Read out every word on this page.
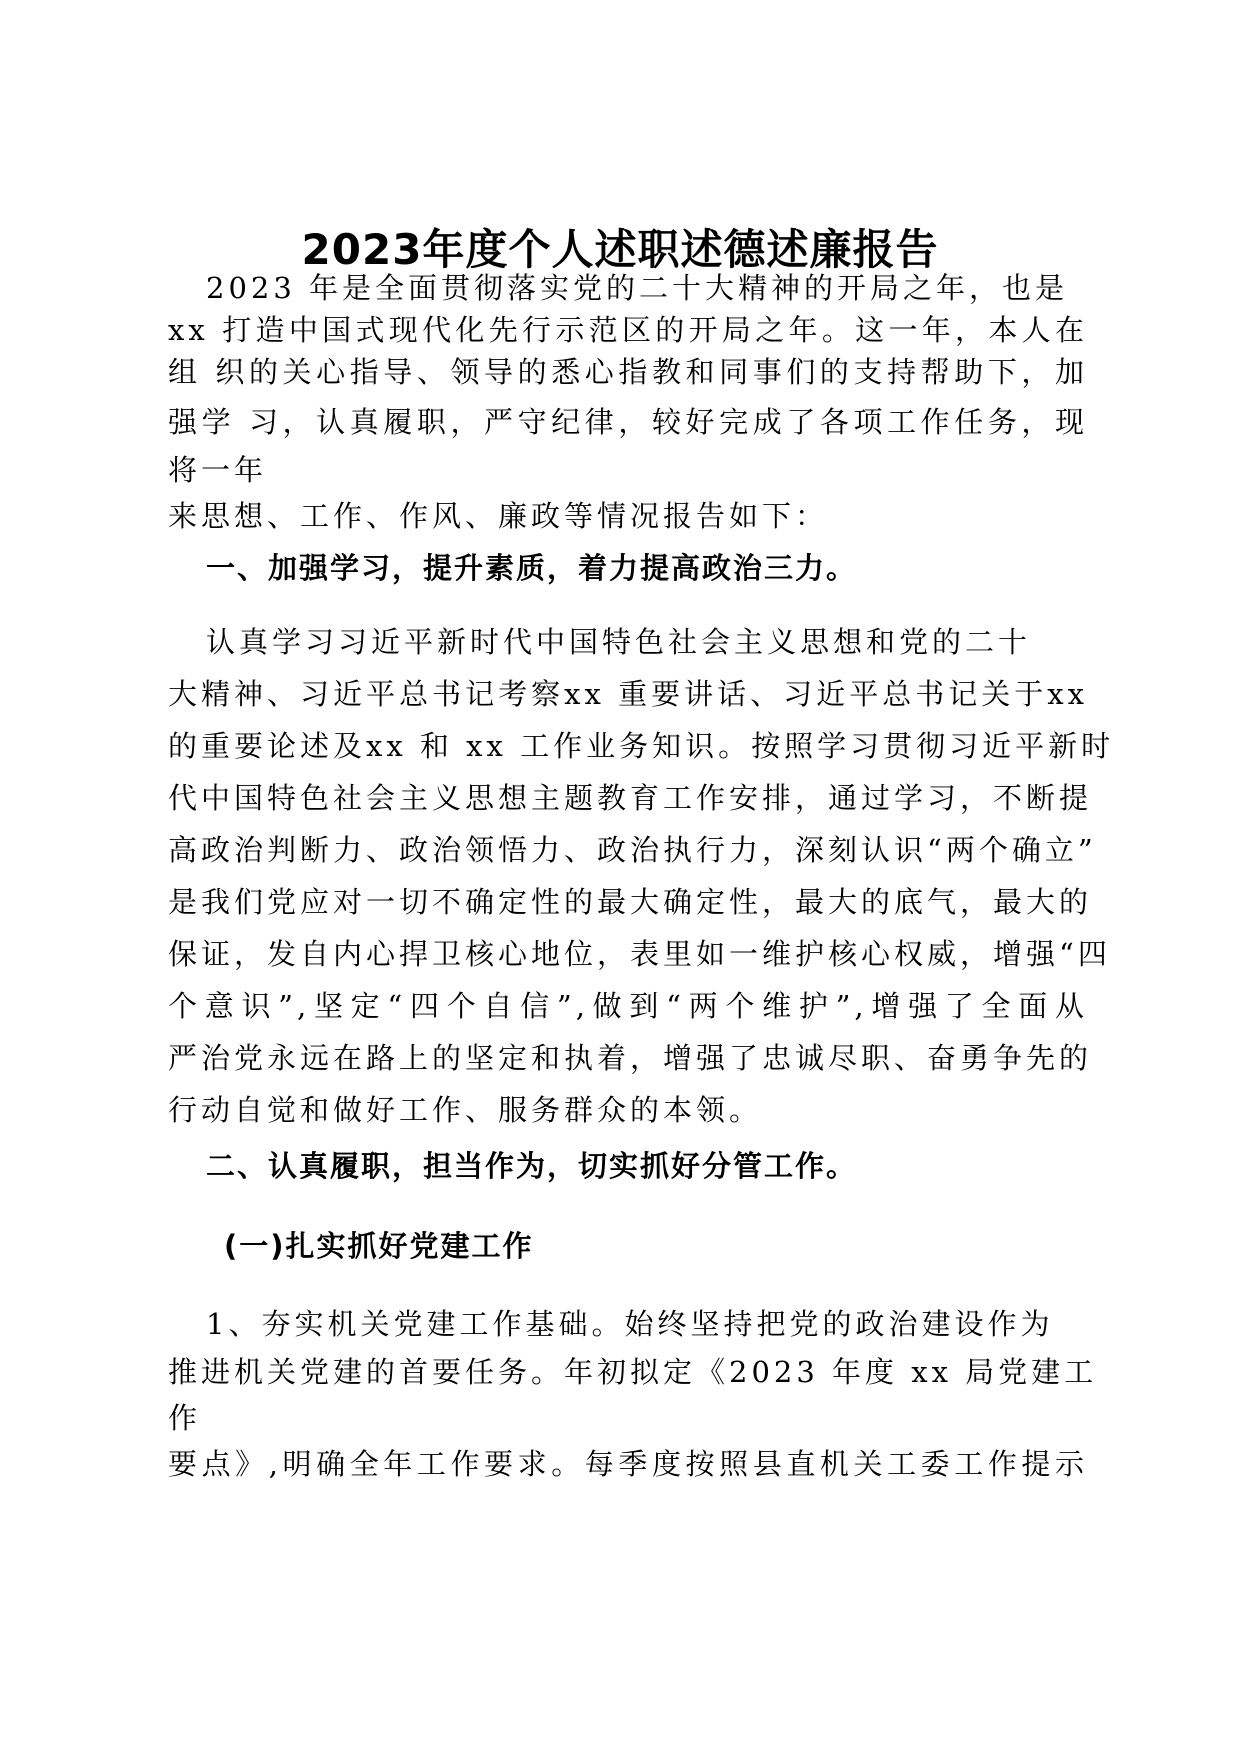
2023年度个人述职述德述廉报告

2023 年是全面贯彻落实党的二十大精神的开局之年，也是

xx 打造中国式现代化先行示范区的开局之年。这一年，本人在

组 织的关心指导、领导的悉心指教和同事们的支持帮助下，加

强学 习，认真履职，严守纪律，较好完成了各项工作任务，现

将一年

来思想、工作、作风、廉政等情况报告如下：

一、加强学习，提升素质，着力提高政治三力。

认真学习习近平新时代中国特色社会主义思想和党的二十

大精神、习近平总书记考察xx 重要讲话、习近平总书记关于xx

的重要论述及xx 和 xx 工作业务知识。按照学习贯彻习近平新时

代中国特色社会主义思想主题教育工作安排，通过学习，不断提

高政治判断力、政治领悟力、政治执行力，深刻认识“两个确立”

是我们党应对一切不确定性的最大确定性，最大的底气，最大的

保证，发自内心捍卫核心地位，表里如一维护核心权威，增强“四

个意识”,坚定“四个自信”,做到“两个维护”,增强了全面从

严治党永远在路上的坚定和执着，增强了忠诚尽职、奋勇争先的

行动自觉和做好工作、服务群众的本领。

二、认真履职，担当作为，切实抓好分管工作。

(一)扎实抓好党建工作

1、夯实机关党建工作基础。始终坚持把党的政治建设作为

推进机关党建的首要任务。年初拟定《2023 年度 xx 局党建工

作

要点》,明确全年工作要求。每季度按照县直机关工委工作提示
